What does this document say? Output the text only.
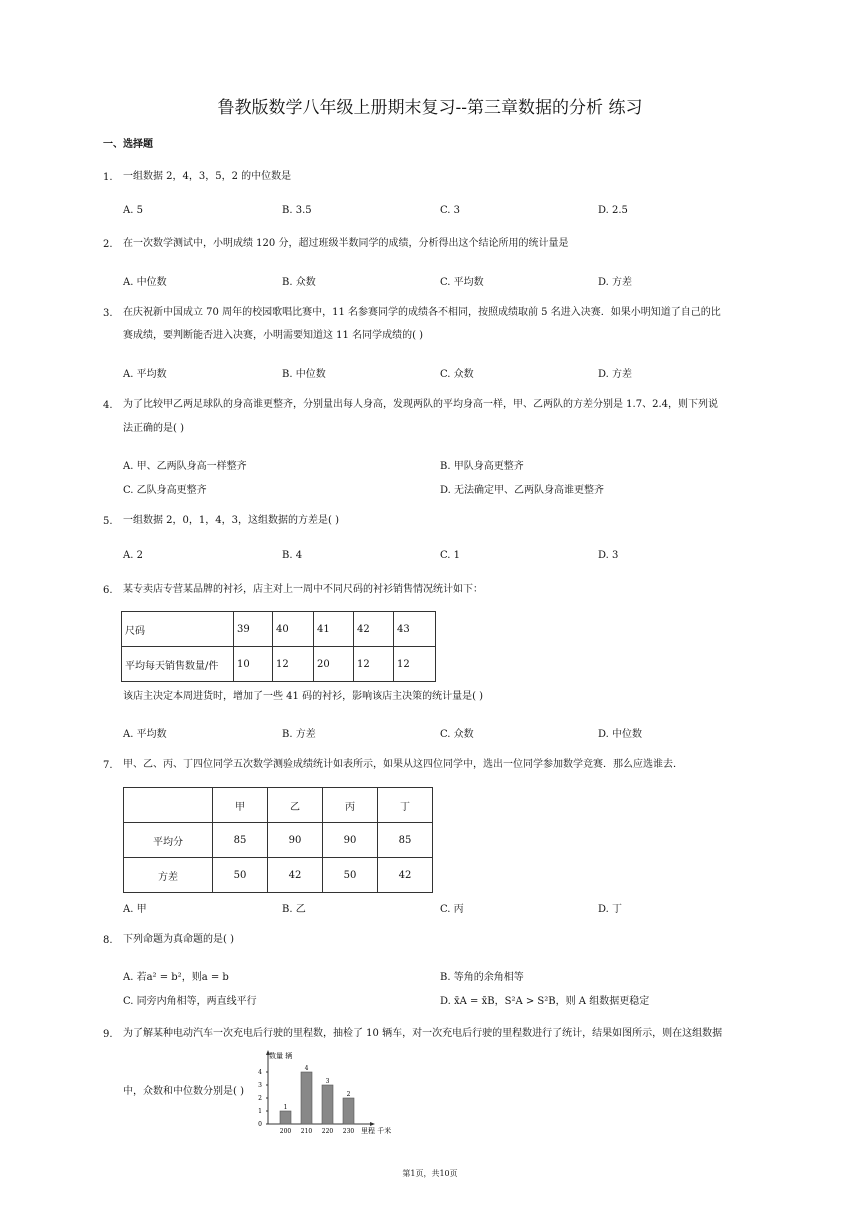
鲁教版数学八年级上册期末复习--第三章数据的分析 练习
一、选择题
1. 一组数据 2，4，3，5，2 的中位数是
A. 5	B. 3.5	C. 3	D. 2.5
2. 在一次数学测试中，小明成绩 120 分，超过班级半数同学的成绩，分析得出这个结论所用的统计量是
A. 中位数	B. 众数	C. 平均数	D. 方差
3. 在庆祝新中国成立 70 周年的校园歌唱比赛中，11 名参赛同学的成绩各不相同，按照成绩取前 5 名进入决赛．如果小明知道了自己的比
赛成绩，要判断能否进入决赛，小明需要知道这 11 名同学成绩的( )
A. 平均数	B. 中位数	C. 众数	D. 方差
4. 为了比较甲乙两足球队的身高谁更整齐，分别量出每人身高，发现两队的平均身高一样，甲、乙两队的方差分别是 1.7、2.4，则下列说
法正确的是( )
A. 甲、乙两队身高一样整齐	B. 甲队身高更整齐
C. 乙队身高更整齐	D. 无法确定甲、乙两队身高谁更整齐
5. 一组数据 2，0，1，4，3，这组数据的方差是( )
A. 2	B. 4	C. 1	D. 3
6. 某专卖店专营某品牌的衬衫，店主对上一周中不同尺码的衬衫销售情况统计如下：
尺码	39	40	41	42	43
平均每天销售数量/件	10	12	20	12	12
该店主决定本周进货时，增加了一些 41 码的衬衫，影响该店主决策的统计量是( )
A. 平均数	B. 方差	C. 众数	D. 中位数
7. 甲、乙、丙、丁四位同学五次数学测验成绩统计如表所示，如果从这四位同学中，选出一位同学参加数学竞赛．那么应选谁去．
	甲	乙	丙	丁
平均分	85	90	90	85
方差	50	42	50	42
A. 甲	B. 乙	C. 丙	D. 丁
8. 下列命题为真命题的是( )
A. 若a² = b²，则a = b	B. 等角的余角相等
C. 同旁内角相等，两直线平行	D. x̄A = x̄B，S²A > S²B，则 A 组数据更稳定
9. 为了解某种电动汽车一次充电后行驶的里程数，抽检了 10 辆车，对一次充电后行驶的里程数进行了统计，结果如图所示，则在这组数据
中，众数和中位数分别是( )
0
1
2
3
4
1
200
4
210
3
220
2
230
数量 辆
里程 千米
第1页，共10页
